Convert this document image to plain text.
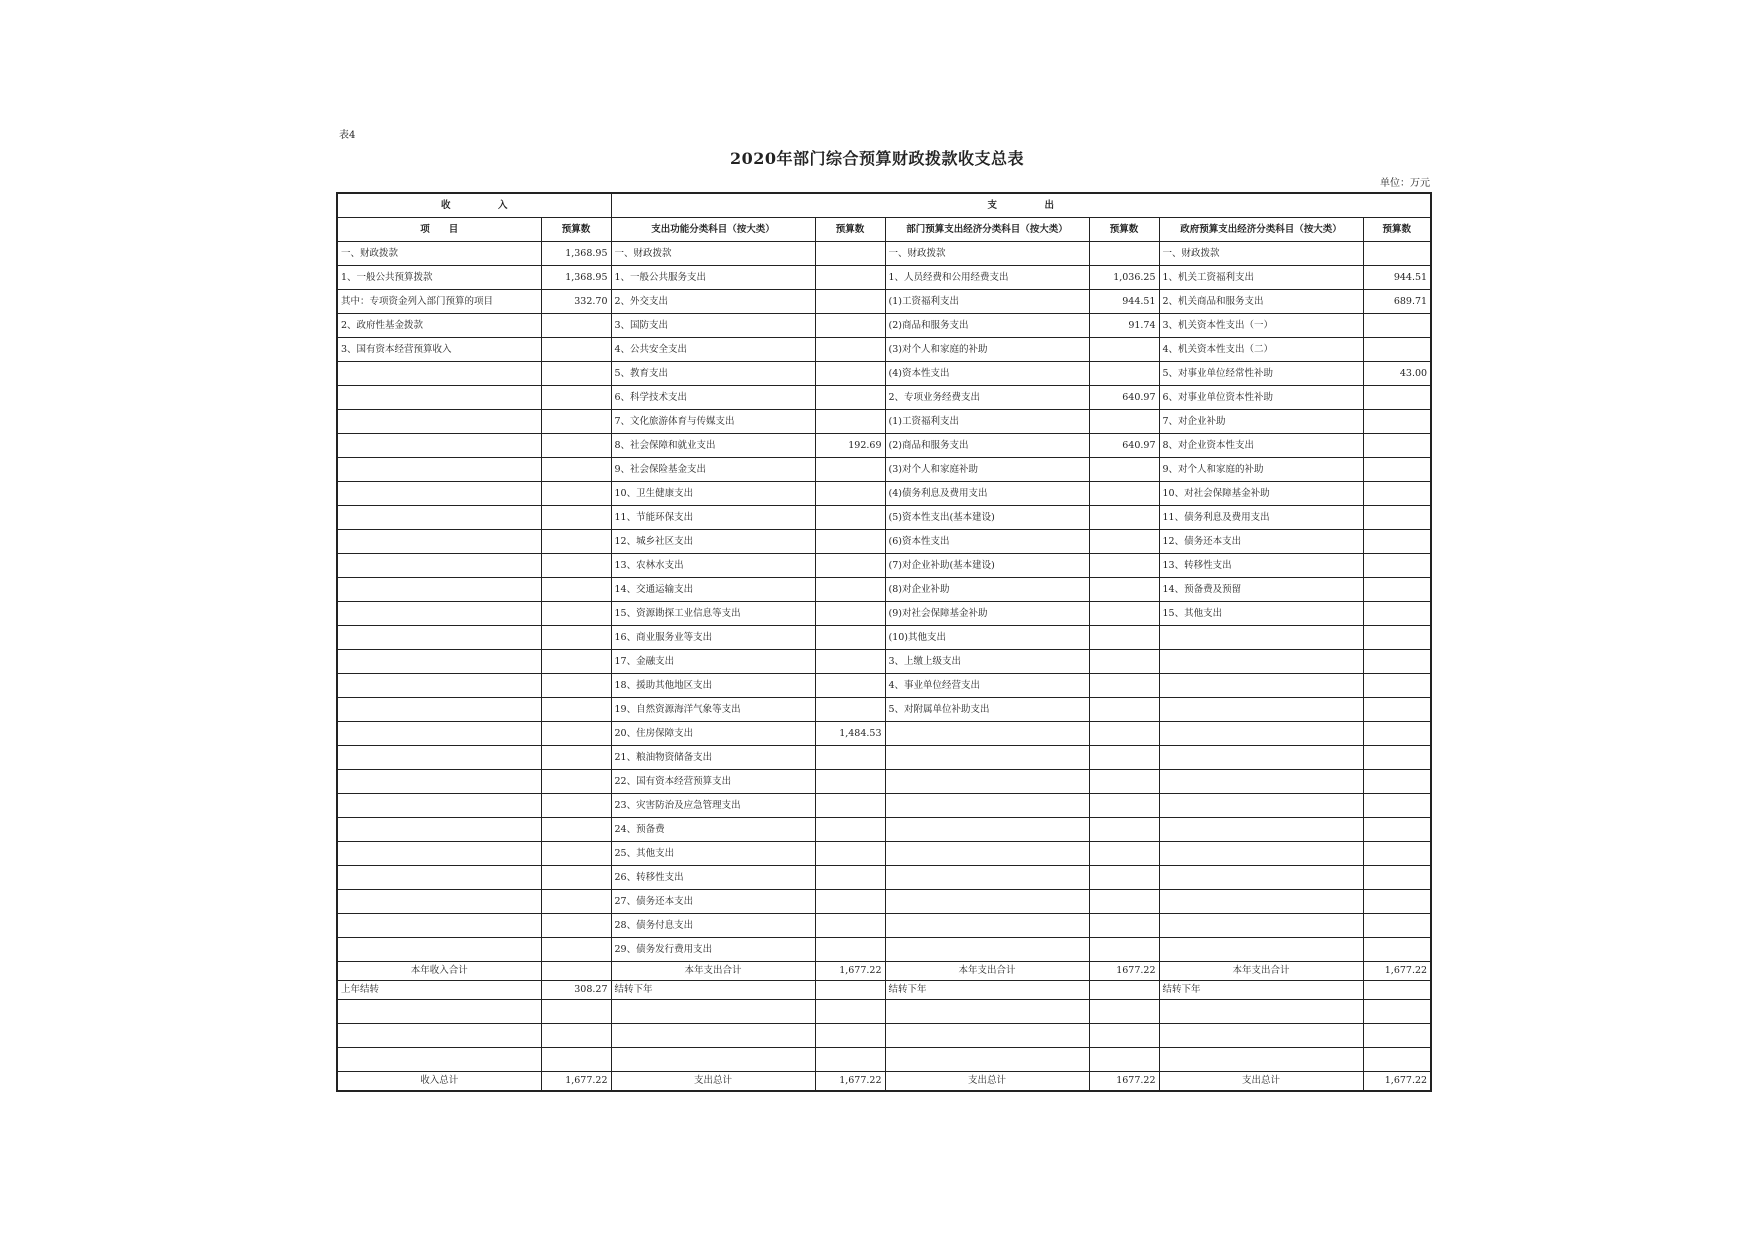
表4
2020年部门综合预算财政拨款收支总表
单位：万元
收　　　　　入		支　　　　　出					
项　　目	预算数	支出功能分类科目（按大类）	预算数	部门预算支出经济分类科目（按大类）	预算数	政府预算支出经济分类科目（按大类）	预算数
一、财政拨款	1,368.95	一、财政拨款		一、财政拨款		一、财政拨款	
1、一般公共预算拨款	1,368.95	1、一般公共服务支出		1、人员经费和公用经费支出	1,036.25	1、机关工资福利支出	944.51
其中：专项资金列入部门预算的项目	332.70	2、外交支出		(1)工资福利支出	944.51	2、机关商品和服务支出	689.71
2、政府性基金拨款		3、国防支出		(2)商品和服务支出	91.74	3、机关资本性支出（一）	
3、国有资本经营预算收入		4、公共安全支出		(3)对个人和家庭的补助		4、机关资本性支出（二）	
		5、教育支出		(4)资本性支出		5、对事业单位经常性补助	43.00
		6、科学技术支出		2、专项业务经费支出	640.97	6、对事业单位资本性补助	
		7、文化旅游体育与传媒支出		(1)工资福利支出		7、对企业补助	
		8、社会保障和就业支出	192.69	(2)商品和服务支出	640.97	8、对企业资本性支出	
		9、社会保险基金支出		(3)对个人和家庭补助		9、对个人和家庭的补助	
		10、卫生健康支出		(4)债务利息及费用支出		10、对社会保障基金补助	
		11、节能环保支出		(5)资本性支出(基本建设)		11、债务利息及费用支出	
		12、城乡社区支出		(6)资本性支出		12、债务还本支出	
		13、农林水支出		(7)对企业补助(基本建设)		13、转移性支出	
		14、交通运输支出		(8)对企业补助		14、预备费及预留	
		15、资源勘探工业信息等支出		(9)对社会保障基金补助		15、其他支出	
		16、商业服务业等支出		(10)其他支出			
		17、金融支出		3、上缴上级支出			
		18、援助其他地区支出		4、事业单位经营支出			
		19、自然资源海洋气象等支出		5、对附属单位补助支出			
		20、住房保障支出	1,484.53				
		21、粮油物资储备支出					
		22、国有资本经营预算支出					
		23、灾害防治及应急管理支出					
		24、预备费					
		25、其他支出					
		26、转移性支出					
		27、债务还本支出					
		28、债务付息支出					
		29、债务发行费用支出					
本年收入合计		本年支出合计	1,677.22	本年支出合计	1677.22	本年支出合计	1,677.22
上年结转	308.27	结转下年		结转下年		结转下年	

收入总计	1,677.22	支出总计	1,677.22	支出总计	1677.22	支出总计	1,677.22
